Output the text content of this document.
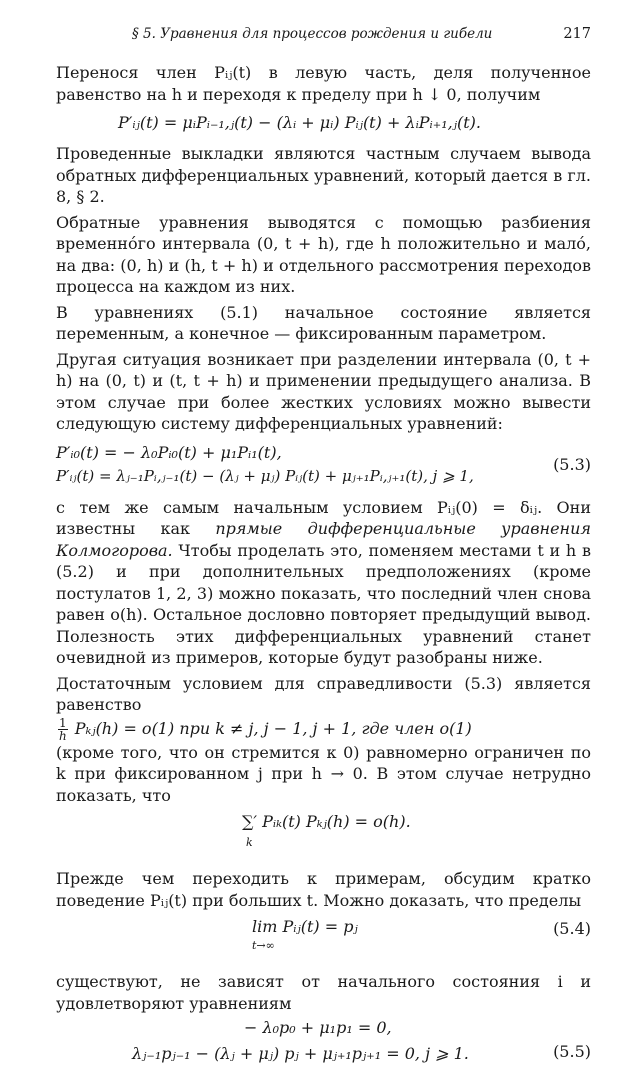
§ 5. Уравнения для процессов рождения и гибели	217

Перенося член Pᵢⱼ(t) в левую часть, деля полученное равенство на h и переходя к пределу при h ↓ 0, получим

P′ᵢⱼ(t) = μᵢPᵢ₋₁,ⱼ(t) − (λᵢ + μᵢ) Pᵢⱼ(t) + λᵢPᵢ₊₁,ⱼ(t).

Проведенные выкладки являются частным случаем вывода обратных дифференциальных уравнений, который дается в гл. 8, § 2.

Обратные уравнения выводятся с помощью разбиения временно́го интервала (0, t + h), где h положительно и мало́, на два: (0, h) и (h, t + h) и отдельного рассмотрения переходов процесса на каждом из них.

В уравнениях (5.1) начальное состояние является переменным, а конечное — фиксированным параметром.

Другая ситуация возникает при разделении интервала (0, t + h) на (0, t) и (t, t + h) и применении предыдущего анализа. В этом случае при более жестких условиях можно вывести следующую систему дифференциальных уравнений:

P′ᵢ₀(t) = − λ₀Pᵢ₀(t) + μ₁Pᵢ₁(t),
P′ᵢⱼ(t) = λⱼ₋₁Pᵢ,ⱼ₋₁(t) − (λⱼ + μⱼ) Pᵢⱼ(t) + μⱼ₊₁Pᵢ,ⱼ₊₁(t), j ⩾ 1,
(5.3)

с тем же самым начальным условием Pᵢⱼ(0) = δᵢⱼ. Они известны как прямые дифференциальные уравнения Колмогорова. Чтобы проделать это, поменяем местами t и h в (5.2) и при дополнительных предположениях (кроме постулатов 1, 2, 3) можно показать, что последний член снова равен o(h). Остальное дословно повторяет предыдущий вывод. Полезность этих дифференциальных уравнений станет очевидной из примеров, которые будут разобраны ниже.

Достаточным условием для справедливости (5.3) является равенство

$\frac{1}{h}$ Pₖⱼ(h) = o(1) при k ≠ j, j − 1, j + 1, где член o(1)

(кроме того, что он стремится к 0) равномерно ограничен по k при фиксированном j при h → 0. В этом случае нетрудно показать, что

∑′ Pᵢₖ(t) Pₖⱼ(h) = o(h).
k

Прежде чем переходить к примерам, обсудим кратко поведение Pᵢⱼ(t) при больших t. Можно доказать, что пределы

lim Pᵢⱼ(t) = pⱼ
t→∞
(5.4)

существуют, не зависят от начального состояния i и удовлетворяют уравнениям

− λ₀p₀ + μ₁p₁ = 0,
λⱼ₋₁pⱼ₋₁ − (λⱼ + μⱼ) pⱼ + μⱼ₊₁pⱼ₊₁ = 0, j ⩾ 1.	(5.5)
